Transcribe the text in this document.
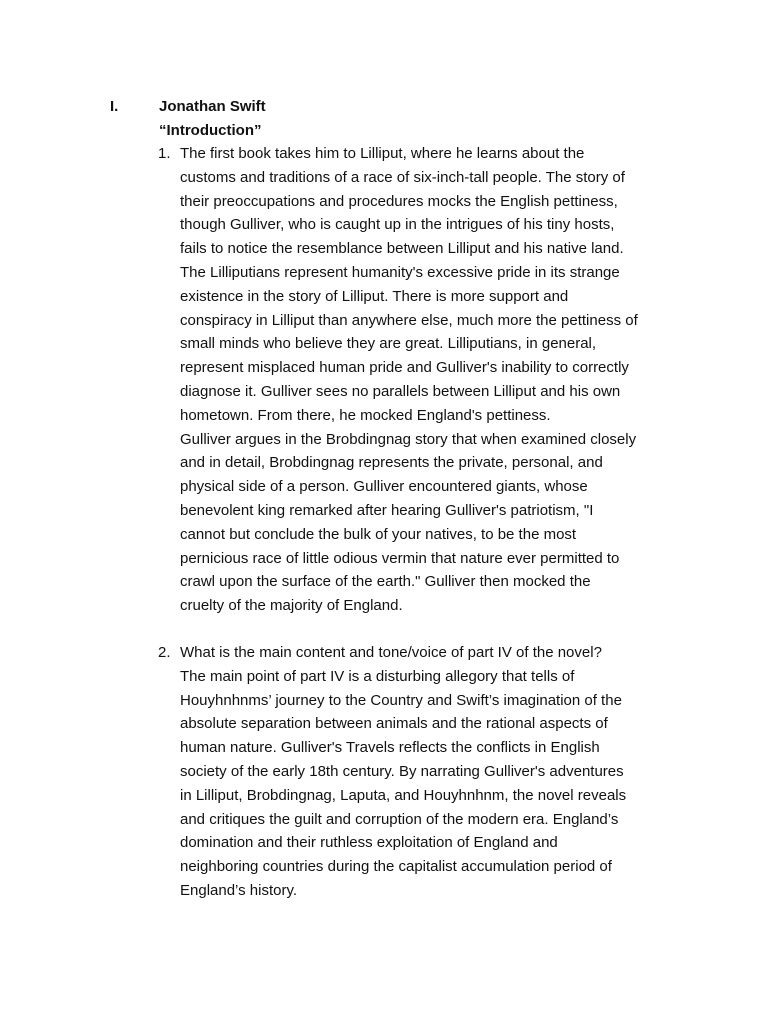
I.	Jonathan Swift
“Introduction”
1. The first book takes him to Lilliput, where he learns about the
customs and traditions of a race of six-inch-tall people. The story of
their preoccupations and procedures mocks the English pettiness,
though Gulliver, who is caught up in the intrigues of his tiny hosts,
fails to notice the resemblance between Lilliput and his native land.
The Lilliputians represent humanity's excessive pride in its strange
existence in the story of Lilliput. There is more support and
conspiracy in Lilliput than anywhere else, much more the pettiness of
small minds who believe they are great. Lilliputians, in general,
represent misplaced human pride and Gulliver's inability to correctly
diagnose it. Gulliver sees no parallels between Lilliput and his own
hometown. From there, he mocked England's pettiness.
Gulliver argues in the Brobdingnag story that when examined closely
and in detail, Brobdingnag represents the private, personal, and
physical side of a person. Gulliver encountered giants, whose
benevolent king remarked after hearing Gulliver's patriotism, "I
cannot but conclude the bulk of your natives, to be the most
pernicious race of little odious vermin that nature ever permitted to
crawl upon the surface of the earth." Gulliver then mocked the
cruelty of the majority of England.
2. What is the main content and tone/voice of part IV of the novel?
The main point of part IV is a disturbing allegory that tells of
Houyhnhnms’ journey to the Country and Swift’s imagination of the
absolute separation between animals and the rational aspects of
human nature. Gulliver's Travels reflects the conflicts in English
society of the early 18th century. By narrating Gulliver's adventures
in Lilliput, Brobdingnag, Laputa, and Houyhnhnm, the novel reveals
and critiques the guilt and corruption of the modern era. England’s
domination and their ruthless exploitation of England and
neighboring countries during the capitalist accumulation period of
England’s history.
